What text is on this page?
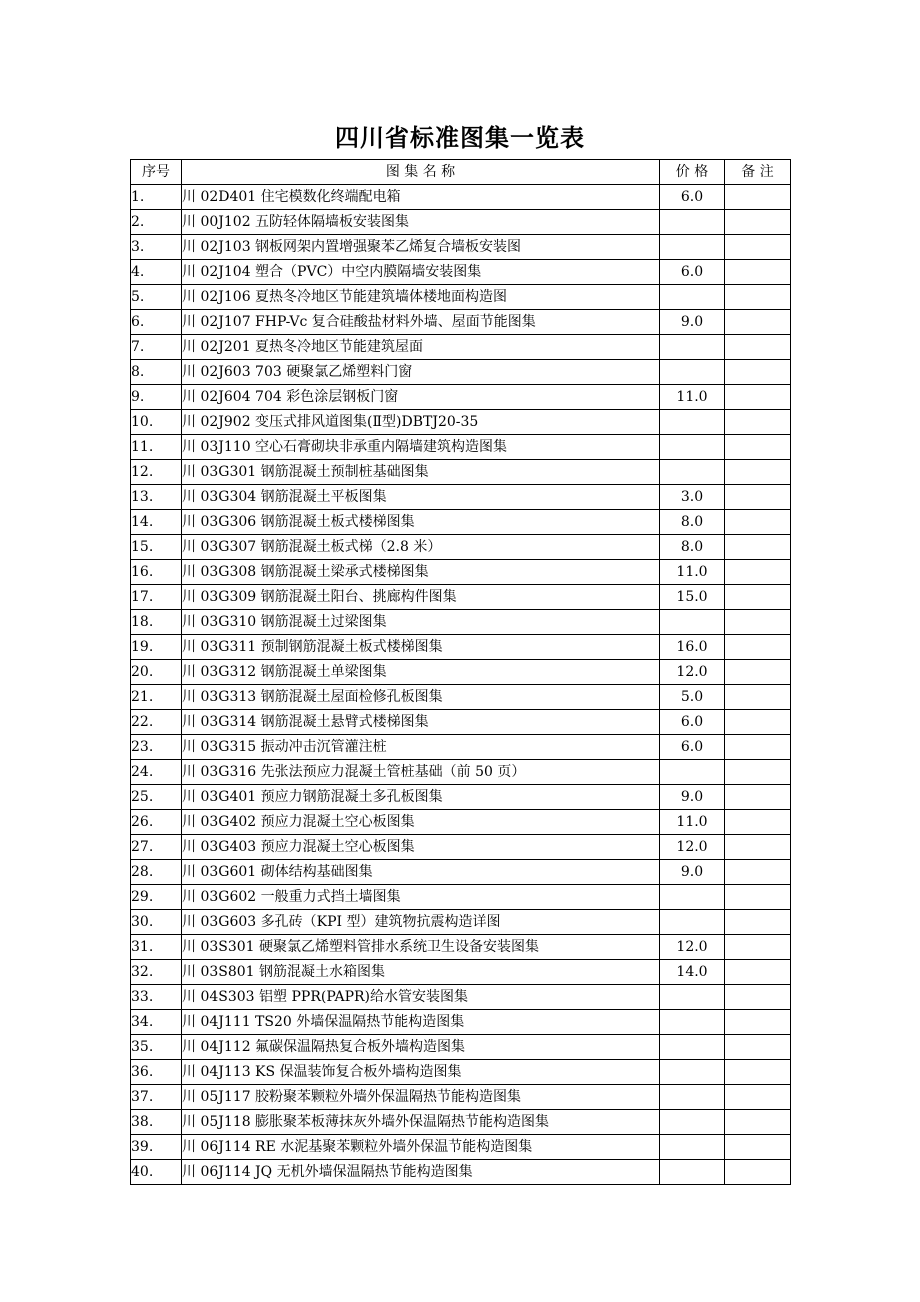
四川省标准图集一览表
序号	图 集 名 称	价 格	备 注
1.	川 02D401 住宅模数化终端配电箱	6.0	
2.	川 00J102 五防轻体隔墙板安装图集		
3.	川 02J103 钢板网架内置增强聚苯乙烯复合墙板安装图		
4.	川 02J104 塑合（PVC）中空内膜隔墙安装图集	6.0	
5.	川 02J106 夏热冬冷地区节能建筑墙体楼地面构造图		
6.	川 02J107 FHP-Vc 复合硅酸盐材料外墙、屋面节能图集	9.0	
7.	川 02J201 夏热冬冷地区节能建筑屋面		
8.	川 02J603 703 硬聚氯乙烯塑料门窗		
9.	川 02J604 704 彩色涂层钢板门窗	11.0	
10.	川 02J902 变压式排风道图集(Ⅱ型)DBTJ20-35		
11.	川 03J110 空心石膏砌块非承重内隔墙建筑构造图集		
12.	川 03G301 钢筋混凝土预制桩基础图集		
13.	川 03G304 钢筋混凝土平板图集	3.0	
14.	川 03G306 钢筋混凝土板式楼梯图集	8.0	
15.	川 03G307 钢筋混凝土板式梯（2.8 米）	8.0	
16.	川 03G308 钢筋混凝土梁承式楼梯图集	11.0	
17.	川 03G309 钢筋混凝土阳台、挑廊构件图集	15.0	
18.	川 03G310 钢筋混凝土过梁图集		
19.	川 03G311 预制钢筋混凝土板式楼梯图集	16.0	
20.	川 03G312 钢筋混凝土单梁图集	12.0	
21.	川 03G313 钢筋混凝土屋面检修孔板图集	5.0	
22.	川 03G314 钢筋混凝土悬臂式楼梯图集	6.0	
23.	川 03G315 振动冲击沉管灌注桩	6.0	
24.	川 03G316 先张法预应力混凝土管桩基础（前 50 页）		
25.	川 03G401 预应力钢筋混凝土多孔板图集	9.0	
26.	川 03G402 预应力混凝土空心板图集	11.0	
27.	川 03G403 预应力混凝土空心板图集	12.0	
28.	川 03G601 砌体结构基础图集	9.0	
29.	川 03G602 一般重力式挡土墙图集		
30.	川 03G603 多孔砖（KPI 型）建筑物抗震构造详图		
31.	川 03S301 硬聚氯乙烯塑料管排水系统卫生设备安装图集	12.0	
32.	川 03S801 钢筋混凝土水箱图集	14.0	
33.	川 04S303 铝塑 PPR(PAPR)给水管安装图集		
34.	川 04J111 TS20 外墙保温隔热节能构造图集		
35.	川 04J112 氟碳保温隔热复合板外墙构造图集		
36.	川 04J113 KS 保温装饰复合板外墙构造图集		
37.	川 05J117 胶粉聚苯颗粒外墙外保温隔热节能构造图集		
38.	川 05J118 膨胀聚苯板薄抹灰外墙外保温隔热节能构造图集		
39.	川 06J114 RE 水泥基聚苯颗粒外墙外保温节能构造图集		
40.	川 06J114 JQ 无机外墙保温隔热节能构造图集		
